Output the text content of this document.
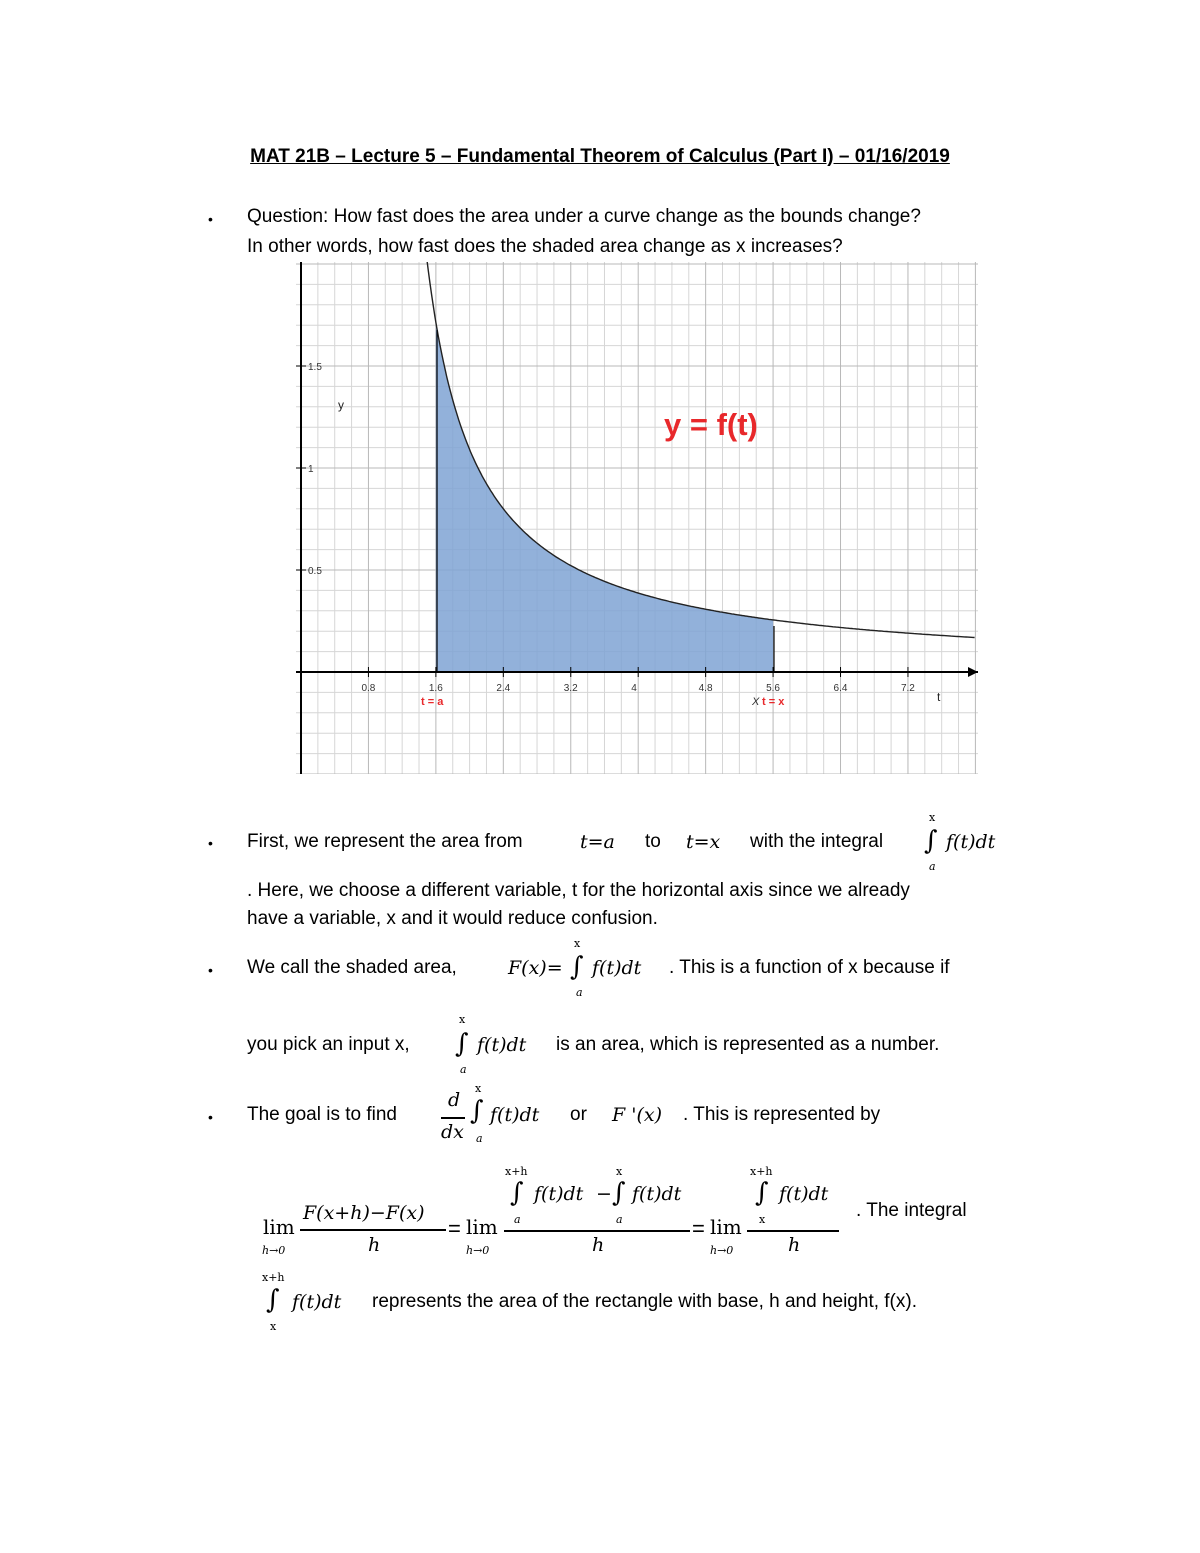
MAT 21B – Lecture 5 – Fundamental Theorem of Calculus (Part I) – 01/16/2019
• Question: How fast does the area under a curve change as the bounds change?
In other words, how fast does the shaded area change as x increases?
0.8	1.6	2.4	3.2	4	4.8	5.6	6.4	7.2
1.5
1
0.5
y
t
y = f(t)
t = a	X t = x
• First, we represent the area from	t=a to t=x with the integral
x
∫
a
f(t)dt
. Here, we choose a different variable, t for the horizontal axis since we already
have a variable, x and it would reduce confusion.
• We call the shaded area,	F(x)=
x
∫
a
f(t)dt . This is a function of x because if
you pick an input x,
x
∫
a
f(t)dt is an area, which is represented as a number.
• The goal is to find
d
dx
x
∫
a
f(t)dt or F '(x) . This is represented by
lim
h→0
F(x+h)−F(x)
h
= lim
h→0
x+h
∫
a
f(t)dt −
x
∫
a
f(t)dt
h
= lim
h→0
x+h
∫
x
f(t)dt
h
. The integral
x+h
∫
x
f(t)dt represents the area of the rectangle with base, h and height, f(x).
